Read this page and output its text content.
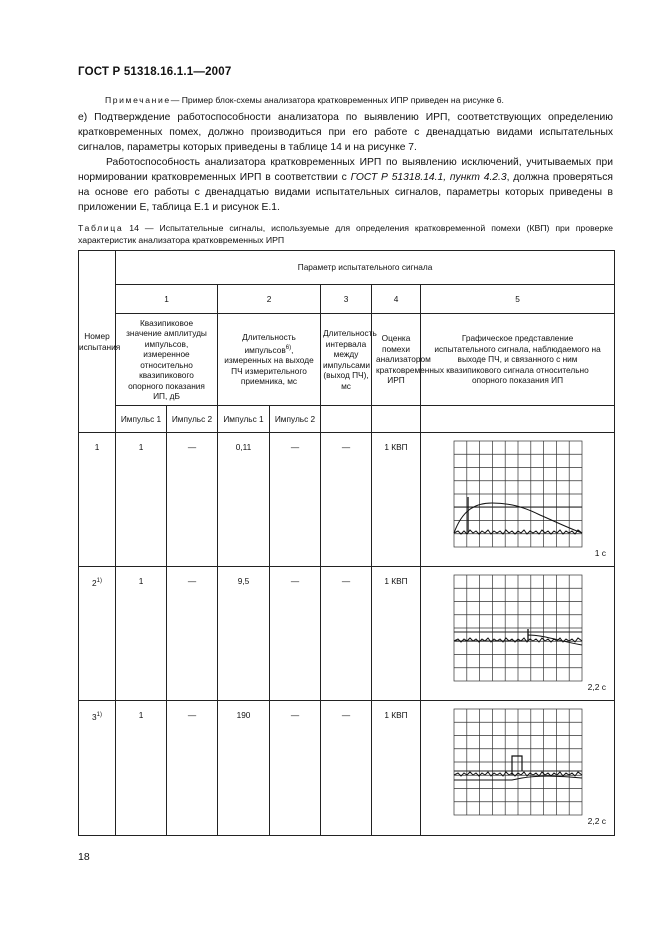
ГОСТ Р 51318.16.1.1—2007
Примечание— Пример блок-схемы анализатора кратковременных ИПР приведен на рисунке 6.
е) Подтверждение работоспособности анализатора по выявлению ИРП, соответствующих определению кратковременных помех, должно производиться при его работе с двенадцатью видами испытательных сигналов, параметры которых приведены в таблице 14 и на рисунке 7.
Работоспособность анализатора кратковременных ИРП по выявлению исключений, учитываемых при нормировании кратковременных ИРП в соответствии с ГОСТ Р 51318.14.1, пункт 4.2.3, должна проверяться на основе его работы с двенадцатью видами испытательных сигналов, параметры которых приведены в приложении Е, таблица Е.1 и рисунок Е.1.
Таблица 14 — Испытательные сигналы, используемые для определения кратковременной помехи (КВП) при проверке характеристик анализатора кратковременных ИРП
Номер испытания	Параметр испытательного сигнала						
	1		2		3	4	5
	Квазипиковое значение амплитуды импульсов, измеренное относительно квазипикового опорного показания ИП, дБ		Длительность импульсов$^{6)}$, измеренных на выходе ПЧ измерительного приемника, мс		Длительность интервала между импульсами (выход ПЧ), мс	Оценка помехи анализатором кратковременных ИРП	Графическое представление испытательного сигнала, наблюдаемого на выходе ПЧ, и связанного с ним квазипикового сигнала относительно опорного показания ИП
	Импульс 1	Импульс 2	Импульс 1	Импульс 2			
1	1	—	0,11	—	—	1 КВП	1 с

2$^{1)}$	1	—	9,5	—	—	1 КВП	2,2 с

3$^{1)}$	1	—	190	—	—	1 КВП	2,2 с
18
